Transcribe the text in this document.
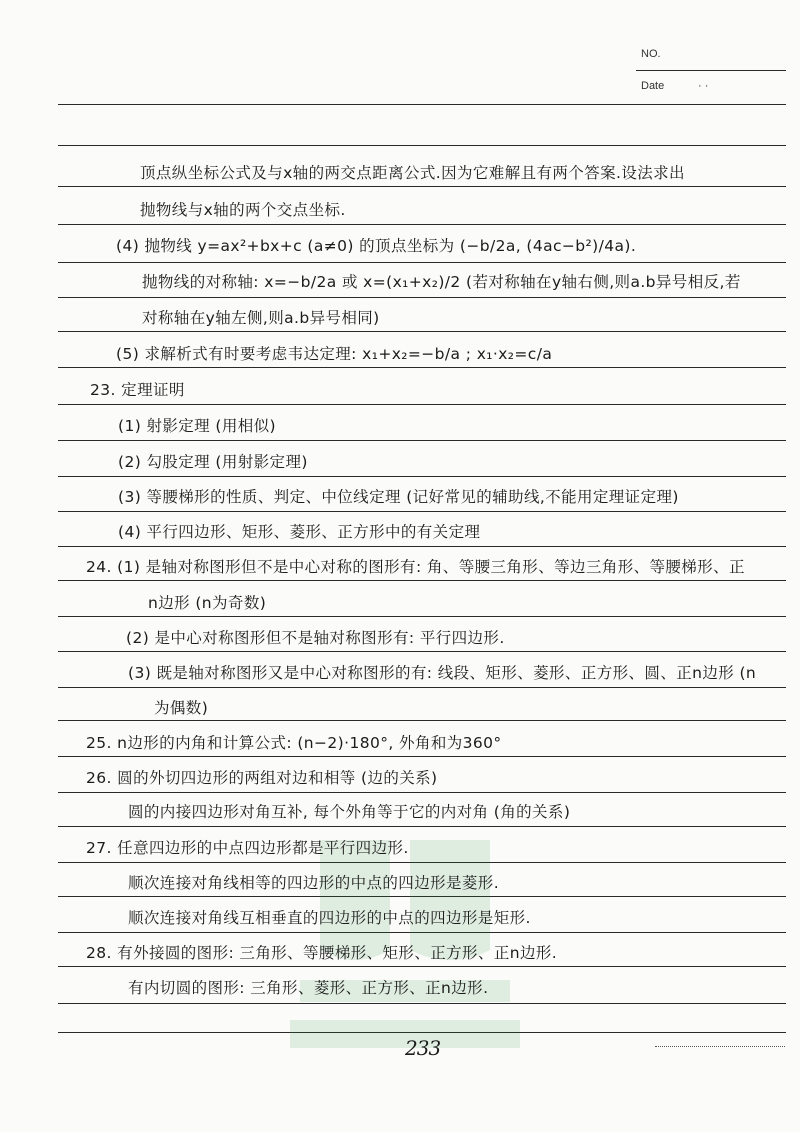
NO.
Date	· ·
顶点纵坐标公式及与x轴的两交点距离公式.因为它难解且有两个答案.设法求出
抛物线与x轴的两个交点坐标.
(4) 抛物线 y=ax²+bx+c (a≠0) 的顶点坐标为 (−b/2a, (4ac−b²)/4a).
抛物线的对称轴: x=−b/2a 或 x=(x₁+x₂)/2 (若对称轴在y轴右侧,则a.b异号相反,若
对称轴在y轴左侧,则a.b异号相同)
(5) 求解析式有时要考虑韦达定理: x₁+x₂=−b/a ; x₁·x₂=c/a
23. 定理证明
(1) 射影定理 (用相似)
(2) 勾股定理 (用射影定理)
(3) 等腰梯形的性质、判定、中位线定理 (记好常见的辅助线,不能用定理证定理)
(4) 平行四边形、矩形、菱形、正方形中的有关定理
24. (1) 是轴对称图形但不是中心对称的图形有: 角、等腰三角形、等边三角形、等腰梯形、正
n边形 (n为奇数)
(2) 是中心对称图形但不是轴对称图形有: 平行四边形.
(3) 既是轴对称图形又是中心对称图形的有: 线段、矩形、菱形、正方形、圆、正n边形 (n
为偶数)
25. n边形的内角和计算公式: (n−2)·180°, 外角和为360°
26. 圆的外切四边形的两组对边和相等 (边的关系)
圆的内接四边形对角互补, 每个外角等于它的内对角 (角的关系)
27. 任意四边形的中点四边形都是平行四边形.
顺次连接对角线相等的四边形的中点的四边形是菱形.
顺次连接对角线互相垂直的四边形的中点的四边形是矩形.
28. 有外接圆的图形: 三角形、等腰梯形、矩形、正方形、正n边形.
有内切圆的图形: 三角形、菱形、正方形、正n边形.
233
